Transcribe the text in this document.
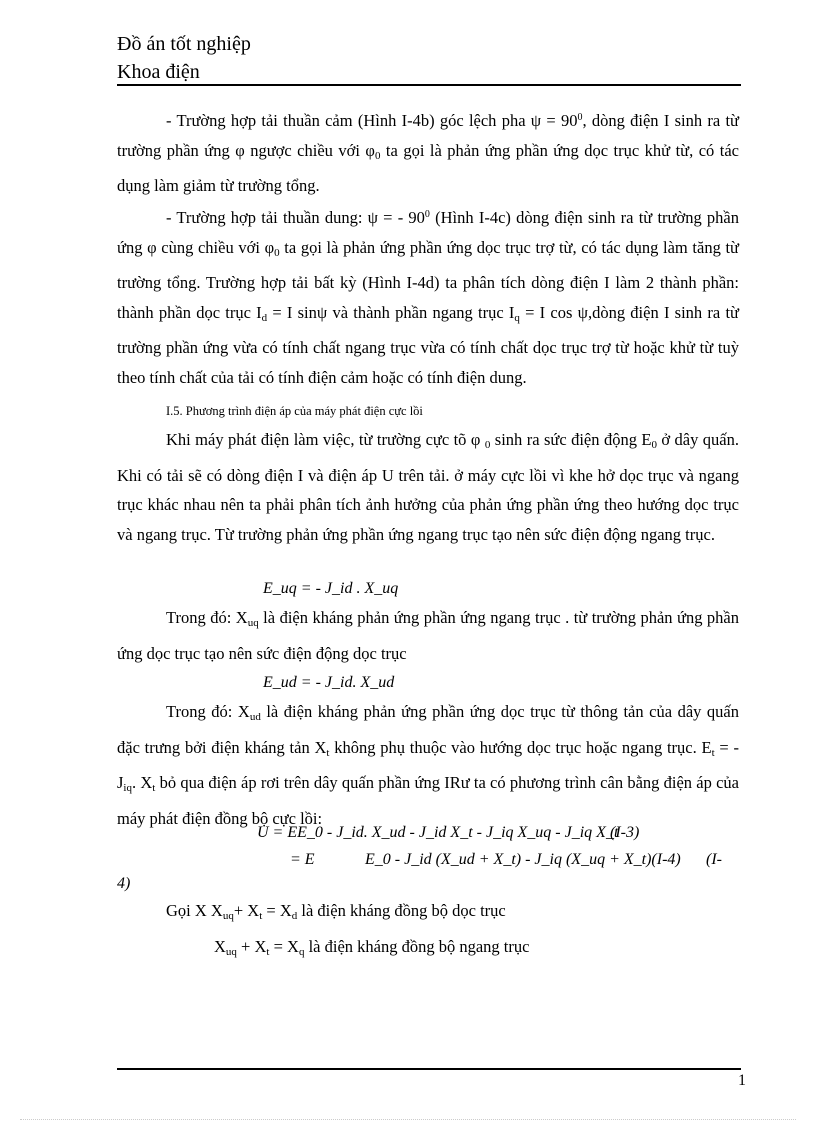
Đồ án tốt nghiệp
Khoa điện

- Trường hợp tải thuần cảm (Hình I-4b) góc lệch pha $\psi = 90^0$, dòng điện I sinh ra từ trường phần ứng φ ngược chiều với $\varphi_0$ ta gọi là phản ứng phần ứng dọc trục khử từ, có tác dụng làm giảm từ trường tổng.

- Trường hợp tải thuần dung: ψ = - $90^0$ (Hình I-4c) dòng điện sinh ra từ trường phần ứng φ cùng chiều với $\varphi_0$ ta gọi là phản ứng phần ứng dọc trục trợ từ, có tác dụng làm tăng từ trường tổng. Trường hợp tải bất kỳ (Hình I-4d) ta phân tích dòng điện I làm 2 thành phần: thành phần dọc trục $I_d = I$ sinψ và thành phần ngang trục $I_q = I$ cos ψ,dòng điện I sinh ra từ trường phần ứng vừa có tính chất ngang trục vừa có tính chất dọc trục trợ từ hoặc khử từ tuỳ theo tính chất của tải có tính điện cảm hoặc có tính điện dung.

I.5. Phương trình điện áp của máy phát điện cực lồi

Khi máy phát điện làm việc, từ trường cực tõ φ $_0$ sinh ra sức điện động $E_0$ ở dây quấn. Khi có tải sẽ có dòng điện I và điện áp U trên tải. ở máy cực lồi vì khe hở dọc trục và ngang trục khác nhau nên ta phải phân tích ảnh hưởng của phản ứng phần ứng theo hướng dọc trục và ngang trục. Từ trường phản ứng phần ứng ngang trục tạo nên sức điện động ngang trục.

E_uq = - J_id . X_uq

Trong đó: $X_{uq}$ là điện kháng phản ứng phần ứng ngang trục . từ trường phản ứng phần ứng dọc trục tạo nên sức điện động dọc trục

E_ud = - J_id. X_ud

Trong đó: $X_{ud}$ là điện kháng phản ứng phần ứng dọc trục từ thông tản của dây quấn đặc trưng bởi điện kháng tản $X_t$ không phụ thuộc vào hướng dọc trục hoặc ngang trục. $E_t$ = - $J_{iq}$. $X_t$ bỏ qua điện áp rơi trên dây quấn phần ứng IRư ta có phương trình cân bằng điện áp của máy phát điện đồng bộ cực lồi:

U = EE_0 - J_id. X_ud - J_id X_t - J_iq X_uq - J_iq X_t
(I-3)
= E	E_0 - J_id (X_ud + X_t) - J_iq (X_uq + X_t)(I-4) (I-
4)
Gọi X $X_{uq}+ X_t = X_d$ là điện kháng đồng bộ dọc trục
$X_{uq} + X_t = X_q$ là điện kháng đồng bộ ngang trục
1
